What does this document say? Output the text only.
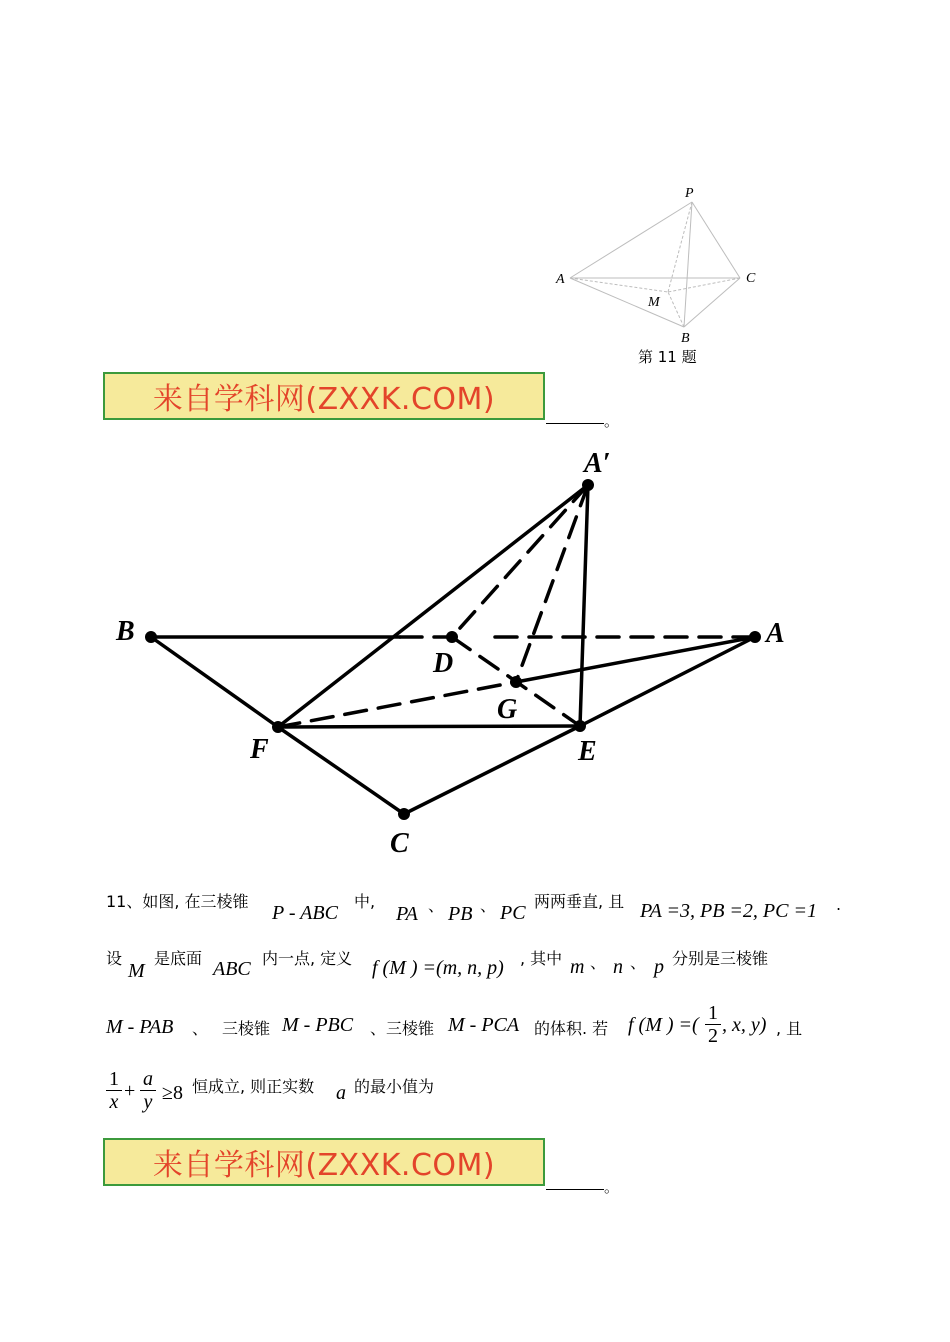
P
A	C
M
B
第 11 题
来自学科网(ZXXK.COM)
。
A′
B	A
D
G
F	E
C
11、如图, 在三棱锥
P - ABC
中,
PA 、 PB 、 PC
两两垂直, 且 PA =3, PB =2, PC =1 .
设
M
是底面 ABC 内一点, 定义 f (M ) =(m, n, p) , 其中 m 、 n 、 p 分别是三棱锥
M - PAB 、 三棱锥 M - PBC 、三棱锥 M - PCA 的体积. 若 f (M ) =( $\frac{1}{2}$ , x, y) , 且
$\frac{1}{x} + \frac{a}{y} \ge 8$ 恒成立, 则正实数 a 的最小值为
来自学科网(ZXXK.COM)
。
